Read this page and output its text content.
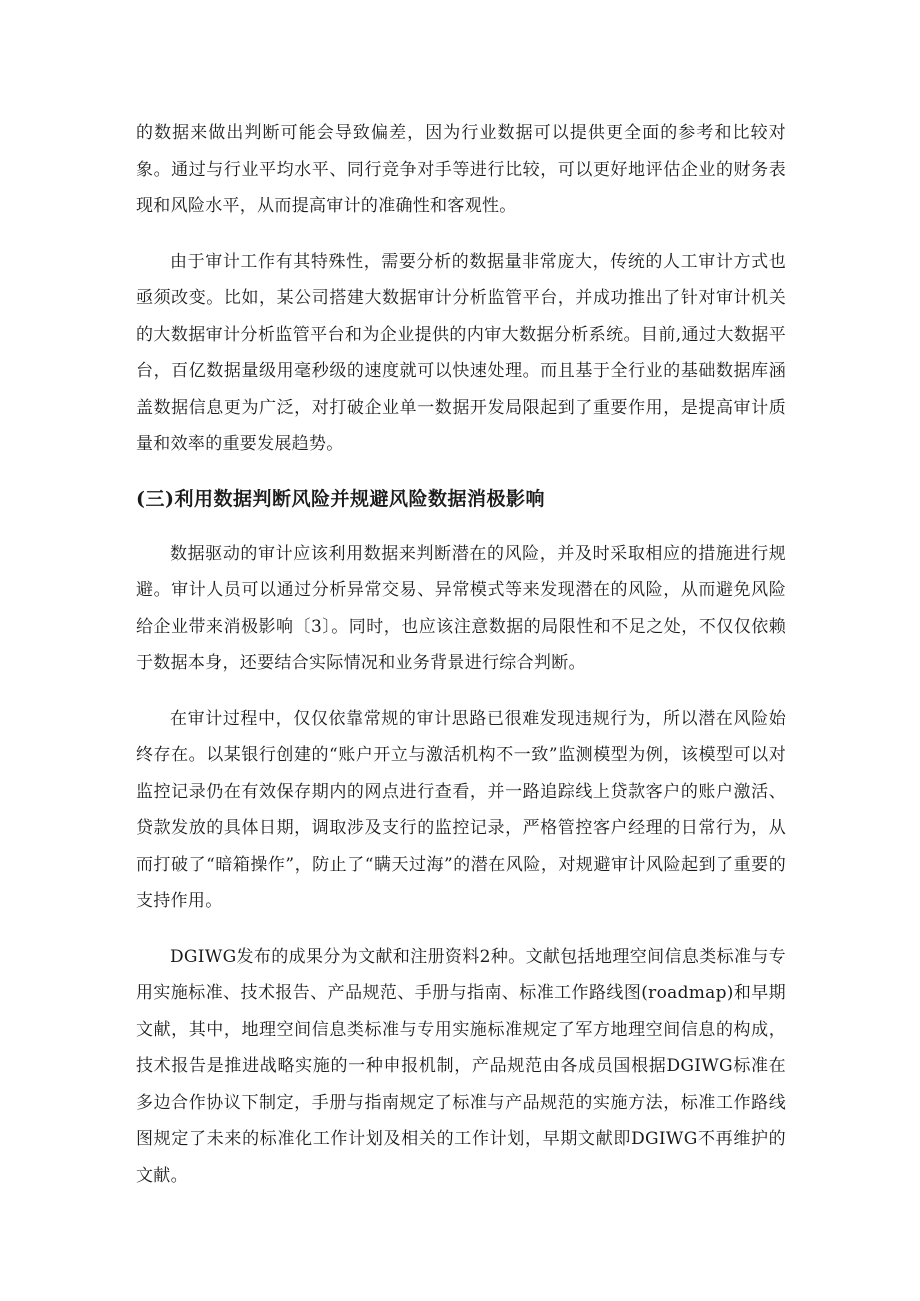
的数据来做出判断可能会导致偏差，因为行业数据可以提供更全面的参考和比较对象。通过与行业平均水平、同行竞争对手等进行比较，可以更好地评估企业的财务表现和风险水平，从而提高审计的准确性和客观性。

由于审计工作有其特殊性，需要分析的数据量非常庞大，传统的人工审计方式也亟须改变。比如，某公司搭建大数据审计分析监管平台，并成功推出了针对审计机关的大数据审计分析监管平台和为企业提供的内审大数据分析系统。目前,通过大数据平台，百亿数据量级用毫秒级的速度就可以快速处理。而且基于全行业的基础数据库涵盖数据信息更为广泛，对打破企业单一数据开发局限起到了重要作用，是提高审计质量和效率的重要发展趋势。

(三)利用数据判断风险并规避风险数据消极影响

数据驱动的审计应该利用数据来判断潜在的风险，并及时采取相应的措施进行规避。审计人员可以通过分析异常交易、异常模式等来发现潜在的风险，从而避免风险给企业带来消极影响〔3〕。同时，也应该注意数据的局限性和不足之处，不仅仅依赖于数据本身，还要结合实际情况和业务背景进行综合判断。

在审计过程中，仅仅依靠常规的审计思路已很难发现违规行为，所以潜在风险始终存在。以某银行创建的“账户开立与激活机构不一致”监测模型为例，该模型可以对监控记录仍在有效保存期内的网点进行查看，并一路追踪线上贷款客户的账户激活、贷款发放的具体日期，调取涉及支行的监控记录，严格管控客户经理的日常行为，从而打破了“暗箱操作”，防止了“瞒天过海”的潜在风险，对规避审计风险起到了重要的支持作用。

DGIWG发布的成果分为文献和注册资料2种。文献包括地理空间信息类标准与专用实施标准、技术报告、产品规范、手册与指南、标准工作路线图(roadmap)和早期文献，其中，地理空间信息类标准与专用实施标准规定了军方地理空间信息的构成，技术报告是推进战略实施的一种申报机制，产品规范由各成员国根据DGIWG标准在多边合作协议下制定，手册与指南规定了标准与产品规范的实施方法，标准工作路线图规定了未来的标准化工作计划及相关的工作计划，早期文献即DGIWG不再维护的文献。
